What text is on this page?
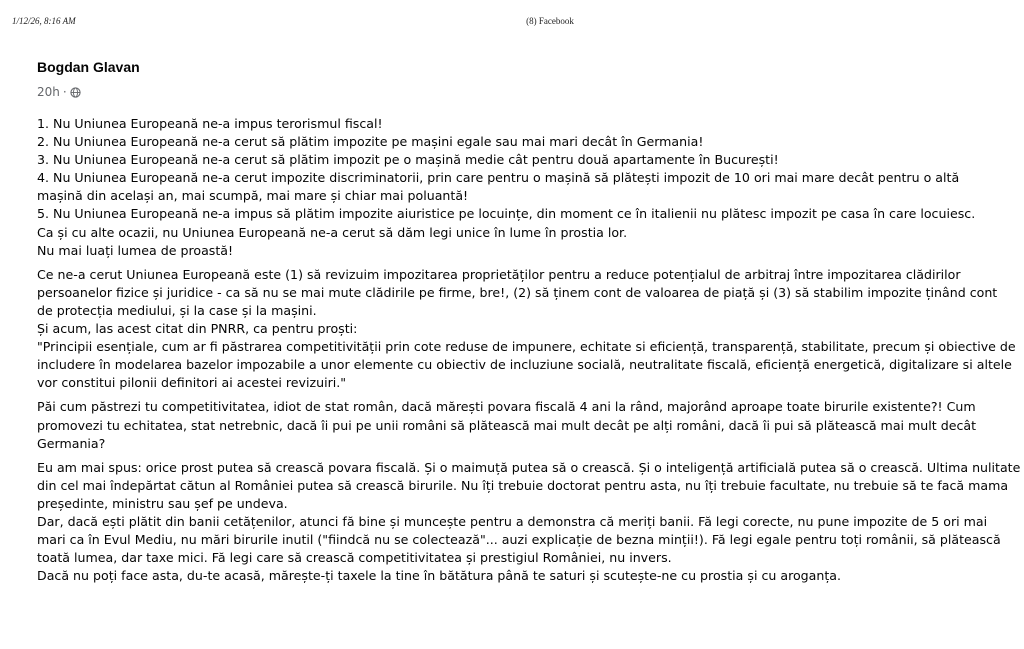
1/12/26, 8:16 AM	(8) Facebook
Bogdan Glavan
20h ·
1. Nu Uniunea Europeană ne-a impus terorismul fiscal!
2. Nu Uniunea Europeană ne-a cerut să plătim impozite pe mașini egale sau mai mari decât în Germania!
3. Nu Uniunea Europeană ne-a cerut să plătim impozit pe o mașină medie cât pentru două apartamente în București!
4. Nu Uniunea Europeană ne-a cerut impozite discriminatorii, prin care pentru o mașină să plătești impozit de 10 ori mai mare decât pentru o altă
mașină din același an, mai scumpă, mai mare și chiar mai poluantă!
5. Nu Uniunea Europeană ne-a impus să plătim impozite aiuristice pe locuințe, din moment ce în italienii nu plătesc impozit pe casa în care locuiesc.
Ca și cu alte ocazii, nu Uniunea Europeană ne-a cerut să dăm legi unice în lume în prostia lor.
Nu mai luați lumea de proastă!
Ce ne-a cerut Uniunea Europeană este (1) să revizuim impozitarea proprietăților pentru a reduce potențialul de arbitraj între impozitarea clădirilor
persoanelor fizice și juridice - ca să nu se mai mute clădirile pe firme, bre!, (2) să ținem cont de valoarea de piață și (3) să stabilim impozite ținând cont
de protecția mediului, și la case și la mașini.
Și acum, las acest citat din PNRR, ca pentru proști:
"Principii esențiale, cum ar fi păstrarea competitivității prin cote reduse de impunere, echitate si eficiență, transparență, stabilitate, precum și obiective de
includere în modelarea bazelor impozabile a unor elemente cu obiectiv de incluziune socială, neutralitate fiscală, eficiență energetică, digitalizare si altele
vor constitui pilonii definitori ai acestei revizuiri."
Păi cum păstrezi tu competitivitatea, idiot de stat român, dacă mărești povara fiscală 4 ani la rând, majorând aproape toate birurile existente?! Cum
promovezi tu echitatea, stat netrebnic, dacă îi pui pe unii români să plătească mai mult decât pe alți români, dacă îi pui să plătească mai mult decât
Germania?
Eu am mai spus: orice prost putea să crească povara fiscală. Și o maimuță putea să o crească. Și o inteligență artificială putea să o crească. Ultima nulitate
din cel mai îndepărtat cătun al României putea să crească birurile. Nu îți trebuie doctorat pentru asta, nu îți trebuie facultate, nu trebuie să te facă mama
președinte, ministru sau șef pe undeva.
Dar, dacă ești plătit din banii cetățenilor, atunci fă bine și muncește pentru a demonstra că meriți banii. Fă legi corecte, nu pune impozite de 5 ori mai
mari ca în Evul Mediu, nu mări birurile inutil ("fiindcă nu se colectează"... auzi explicație de bezna minții!). Fă legi egale pentru toți românii, să plătească
toată lumea, dar taxe mici. Fă legi care să crească competitivitatea și prestigiul României, nu invers.
Dacă nu poți face asta, du-te acasă, mărește-ți taxele la tine în bătătura până te saturi și scutește-ne cu prostia și cu aroganța.
